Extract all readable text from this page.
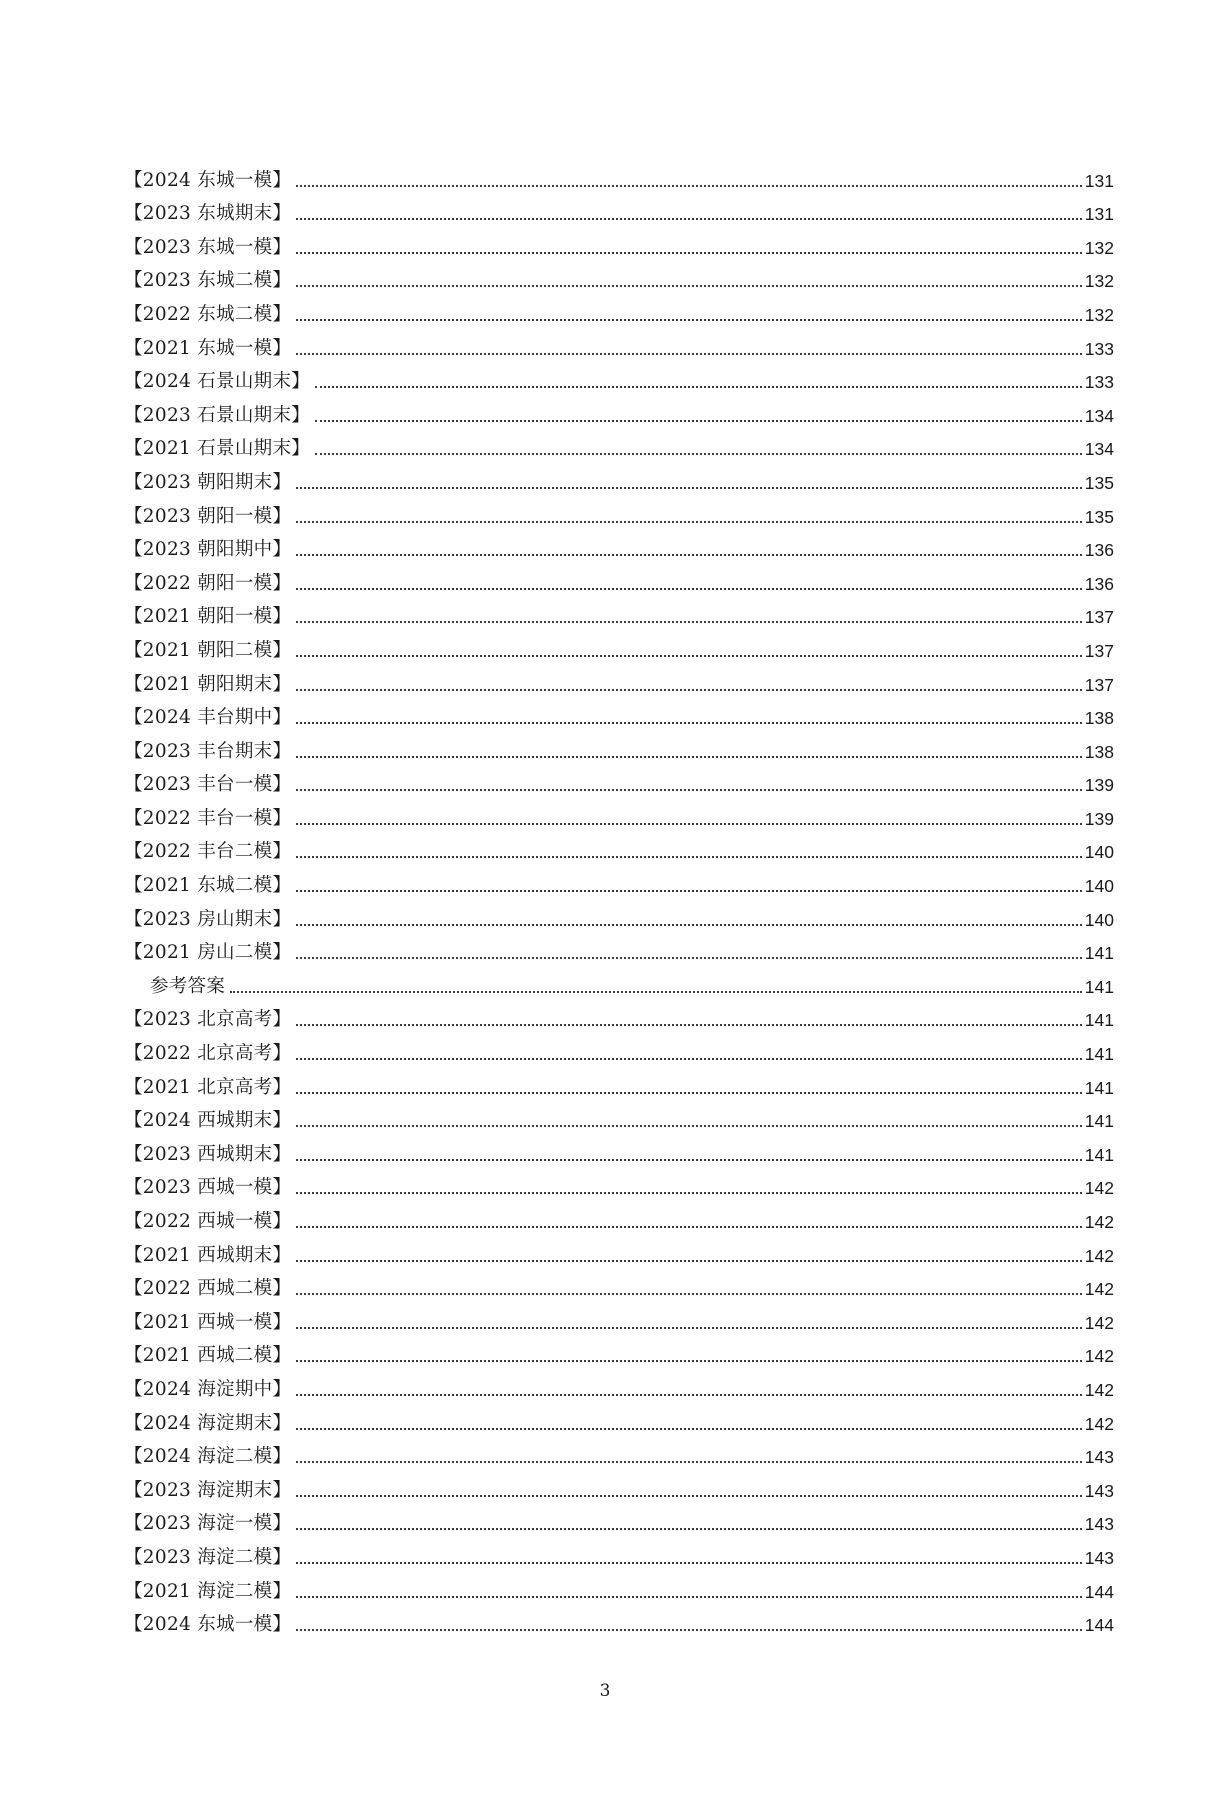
【2024 东城一模】	131
【2023 东城期末】	131
【2023 东城一模】	132
【2023 东城二模】	132
【2022 东城二模】	132
【2021 东城一模】	133
【2024 石景山期末】	133
【2023 石景山期末】	134
【2021 石景山期末】	134
【2023 朝阳期末】	135
【2023 朝阳一模】	135
【2023 朝阳期中】	136
【2022 朝阳一模】	136
【2021 朝阳一模】	137
【2021 朝阳二模】	137
【2021 朝阳期末】	137
【2024 丰台期中】	138
【2023 丰台期末】	138
【2023 丰台一模】	139
【2022 丰台一模】	139
【2022 丰台二模】	140
【2021 东城二模】	140
【2023 房山期末】	140
【2021 房山二模】	141
参考答案	141
【2023 北京高考】	141
【2022 北京高考】	141
【2021 北京高考】	141
【2024 西城期末】	141
【2023 西城期末】	141
【2023 西城一模】	142
【2022 西城一模】	142
【2021 西城期末】	142
【2022 西城二模】	142
【2021 西城一模】	142
【2021 西城二模】	142
【2024 海淀期中】	142
【2024 海淀期末】	142
【2024 海淀二模】	143
【2023 海淀期末】	143
【2023 海淀一模】	143
【2023 海淀二模】	143
【2021 海淀二模】	144
【2024 东城一模】	144
3
